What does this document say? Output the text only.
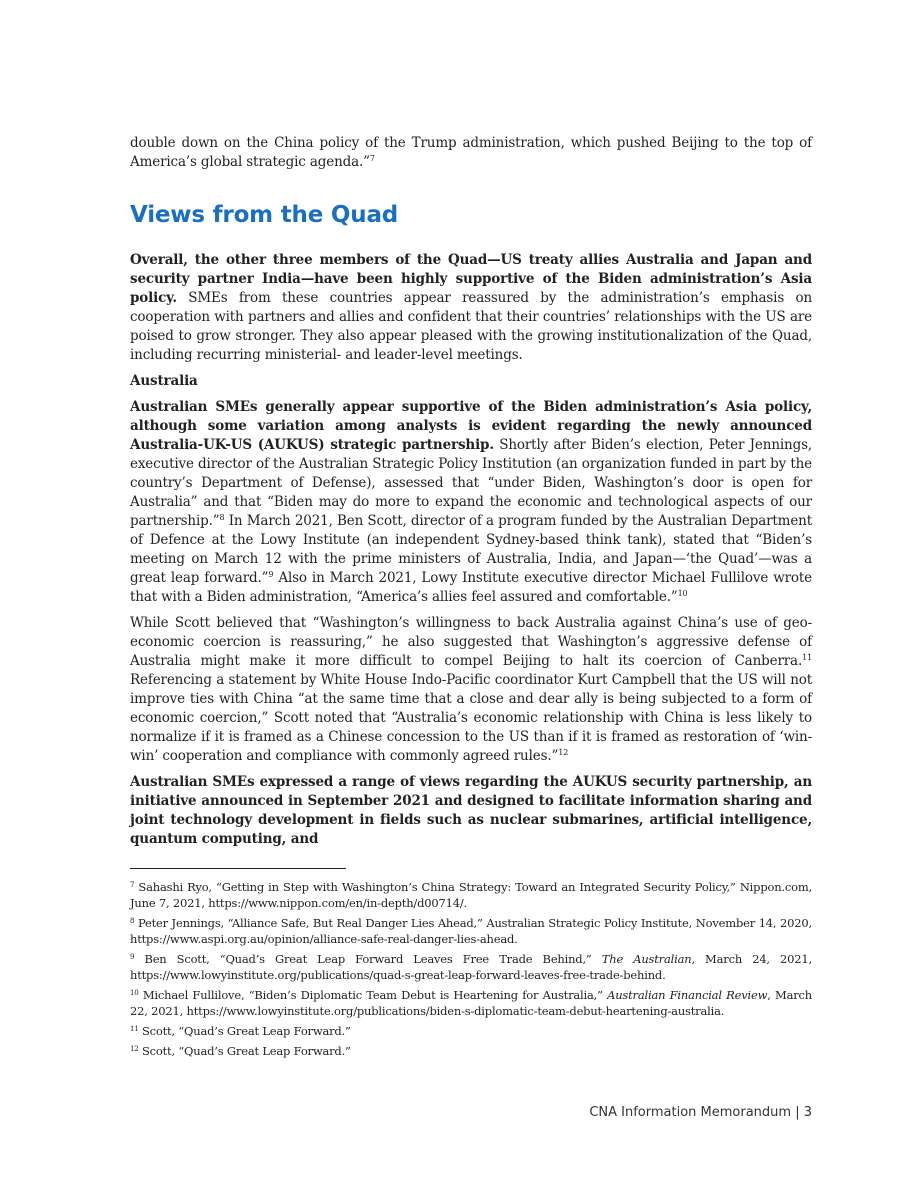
double down on the China policy of the Trump administration, which pushed Beijing to the top of America’s global strategic agenda.”$^7$

Views from the Quad

Overall, the other three members of the Quad—US treaty allies Australia and Japan and security partner India—have been highly supportive of the Biden administration’s Asia policy. SMEs from these countries appear reassured by the administration’s emphasis on cooperation with partners and allies and confident that their countries’ relationships with the US are poised to grow stronger. They also appear pleased with the growing institutionalization of the Quad, including recurring ministerial- and leader-level meetings.

Australia

Australian SMEs generally appear supportive of the Biden administration’s Asia policy, although some variation among analysts is evident regarding the newly announced Australia-UK-US (AUKUS) strategic partnership. Shortly after Biden’s election, Peter Jennings, executive director of the Australian Strategic Policy Institution (an organization funded in part by the country’s Department of Defense), assessed that “under Biden, Washington’s door is open for Australia” and that “Biden may do more to expand the economic and technological aspects of our partnership.”$^8$ In March 2021, Ben Scott, director of a program funded by the Australian Department of Defence at the Lowy Institute (an independent Sydney-based think tank), stated that “Biden’s meeting on March 12 with the prime ministers of Australia, India, and Japan—‘the Quad’—was a great leap forward.”$^9$ Also in March 2021, Lowy Institute executive director Michael Fullilove wrote that with a Biden administration, “America’s allies feel assured and comfortable.”$^{10}$

While Scott believed that “Washington’s willingness to back Australia against China’s use of geo-economic coercion is reassuring,” he also suggested that Washington’s aggressive defense of Australia might make it more difficult to compel Beijing to halt its coercion of Canberra.$^{11}$ Referencing a statement by White House Indo-Pacific coordinator Kurt Campbell that the US will not improve ties with China “at the same time that a close and dear ally is being subjected to a form of economic coercion,” Scott noted that “Australia’s economic relationship with China is less likely to normalize if it is framed as a Chinese concession to the US than if it is framed as restoration of ‘win-win’ cooperation and compliance with commonly agreed rules.”$^{12}$

Australian SMEs expressed a range of views regarding the AUKUS security partnership, an initiative announced in September 2021 and designed to facilitate information sharing and joint technology development in fields such as nuclear submarines, artificial intelligence, quantum computing, and

$^7$ Sahashi Ryo, “Getting in Step with Washington’s China Strategy: Toward an Integrated Security Policy,” Nippon.com, June 7, 2021, https://www.nippon.com/en/in-depth/d00714/.

$^8$ Peter Jennings, “Alliance Safe, But Real Danger Lies Ahead,” Australian Strategic Policy Institute, November 14, 2020, https://www.aspi.org.au/opinion/alliance-safe-real-danger-lies-ahead.

$^9$ Ben Scott, “Quad’s Great Leap Forward Leaves Free Trade Behind,” The Australian, March 24, 2021, https://www.lowyinstitute.org/publications/quad-s-great-leap-forward-leaves-free-trade-behind.

$^{10}$ Michael Fullilove, “Biden’s Diplomatic Team Debut is Heartening for Australia,” Australian Financial Review, March 22, 2021, https://www.lowyinstitute.org/publications/biden-s-diplomatic-team-debut-heartening-australia.

$^{11}$ Scott, “Quad’s Great Leap Forward.”

$^{12}$ Scott, “Quad’s Great Leap Forward.”

CNA Information Memorandum | 3
